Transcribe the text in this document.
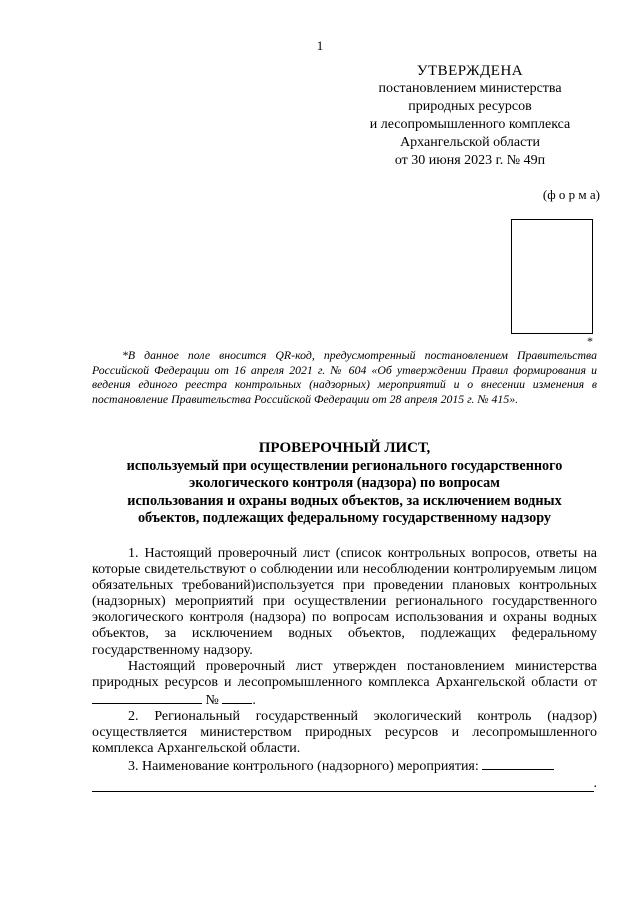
1
УТВЕРЖДЕНА
постановлением министерства
природных ресурсов
и лесопромышленного комплекса
Архангельской области
от 30 июня 2023 г. № 49п
(ф о р м а)
*

*В данное поле вносится QR-код, предусмотренный постановлением Правительства Российской Федерации от 16 апреля 2021 г. № 604 «Об утверждении Правил формирования и ведения единого реестра контрольных (надзорных) мероприятий и о внесении изменения в постановление Правительства Российской Федерации от 28 апреля 2015 г. № 415».

ПРОВЕРОЧНЫЙ ЛИСТ,
используемый при осуществлении регионального государственного
экологического контроля (надзора) по вопросам
использования и охраны водных объектов, за исключением водных
объектов, подлежащих федеральному государственному надзору

1. Настоящий проверочный лист (список контрольных вопросов, ответы на которые свидетельствуют о соблюдении или несоблюдении контролируемым лицом обязательных требований)используется при проведении плановых контрольных (надзорных) мероприятий при осуществлении регионального государственного экологического контроля (надзора) по вопросам использования и охраны водных объектов, за исключением водных объектов, подлежащих федеральному государственному надзору.

Настоящий проверочный лист утвержден постановлением министерства природных ресурсов и лесопромышленного комплекса Архангельской области от  № .

2. Региональный государственный экологический контроль (надзор) осуществляется министерством природных ресурсов и лесопромышленного комплекса Архангельской области.

3. Наименование контрольного (надзорного) мероприятия:

.
